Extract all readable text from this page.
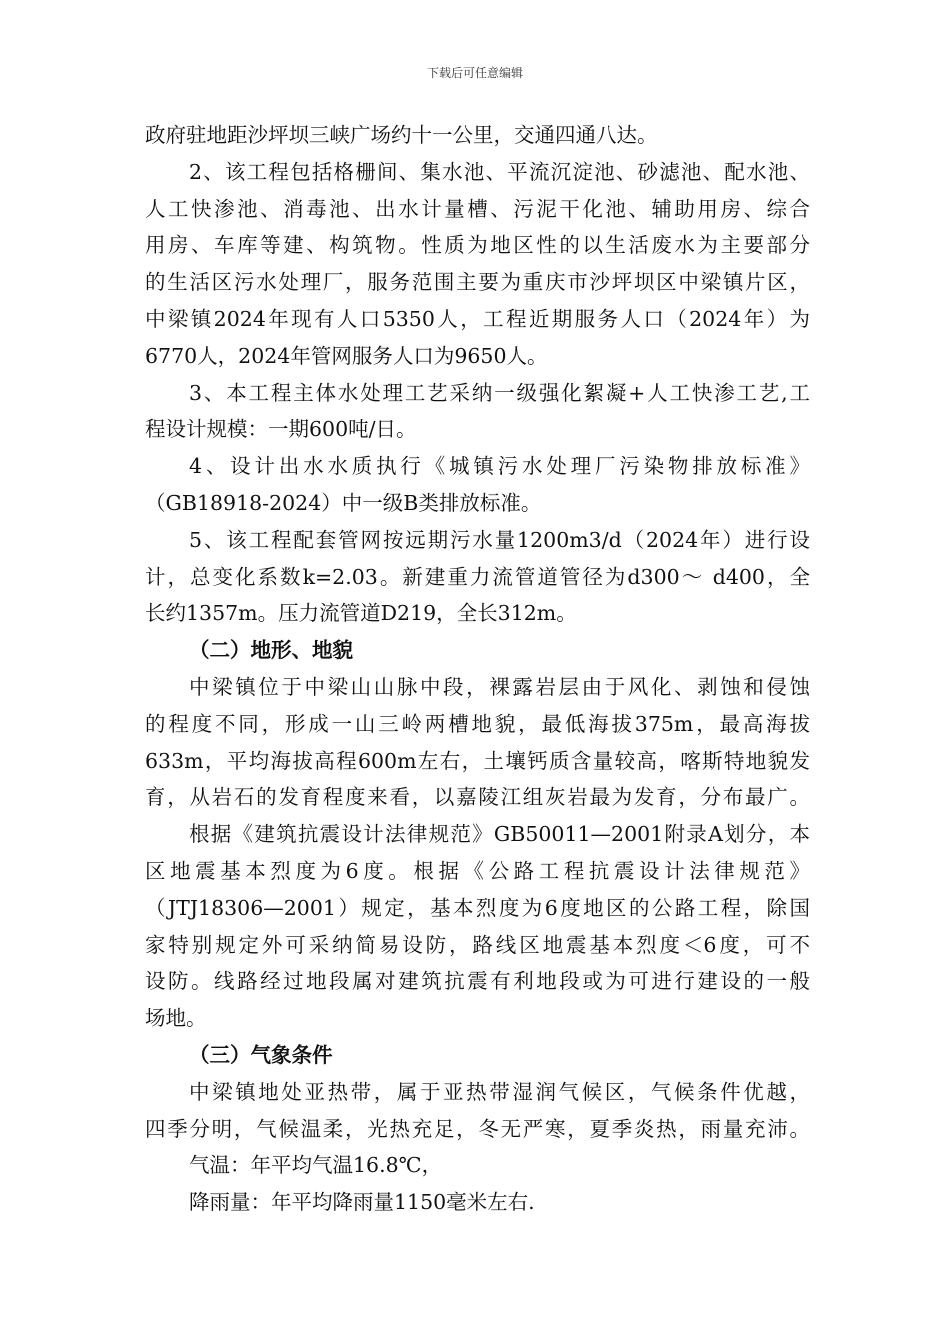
下载后可任意编辑
政府驻地距沙坪坝三峡广场约十一公里，交通四通八达。
2、该工程包括格栅间、集水池、平流沉淀池、砂滤池、配水池、
人工快渗池、消毒池、出水计量槽、污泥干化池、辅助用房、综合
用房、车库等建、构筑物。性质为地区性的以生活废水为主要部分
的生活区污水处理厂，服务范围主要为重庆市沙坪坝区中梁镇片区，
中梁镇2024年现有人口5350人，工程近期服务人口（2024年）为
6770人，2024年管网服务人口为9650人。
3、本工程主体水处理工艺采纳一级强化絮凝+人工快渗工艺,工
程设计规模：一期600吨/日。
4、设计出水水质执行《城镇污水处理厂污染物排放标准》
（GB18918-2024）中一级B类排放标准。
5、该工程配套管网按远期污水量1200m3/d（2024年）进行设
计，总变化系数k=2.03。新建重力流管道管径为d300～ d400，全
长约1357m。压力流管道D219，全长312m。
（二）地形、地貌
中梁镇位于中梁山山脉中段，裸露岩层由于风化、剥蚀和侵蚀
的程度不同，形成一山三岭两槽地貌，最低海拔375m，最高海拔
633m，平均海拔高程600m左右，土壤钙质含量较高，喀斯特地貌发
育，从岩石的发育程度来看，以嘉陵江组灰岩最为发育，分布最广。
根据《建筑抗震设计法律规范》GB50011—2001附录A划分，本
区地震基本烈度为6度。根据《公路工程抗震设计法律规范》
（JTJ18306—2001）规定，基本烈度为6度地区的公路工程，除国
家特别规定外可采纳简易设防，路线区地震基本烈度＜6度，可不
设防。线路经过地段属对建筑抗震有利地段或为可进行建设的一般
场地。
（三）气象条件
中梁镇地处亚热带，属于亚热带湿润气候区，气候条件优越，
四季分明，气候温柔，光热充足，冬无严寒，夏季炎热，雨量充沛。
气温：年平均气温16.8℃，
降雨量：年平均降雨量1150毫米左右.
